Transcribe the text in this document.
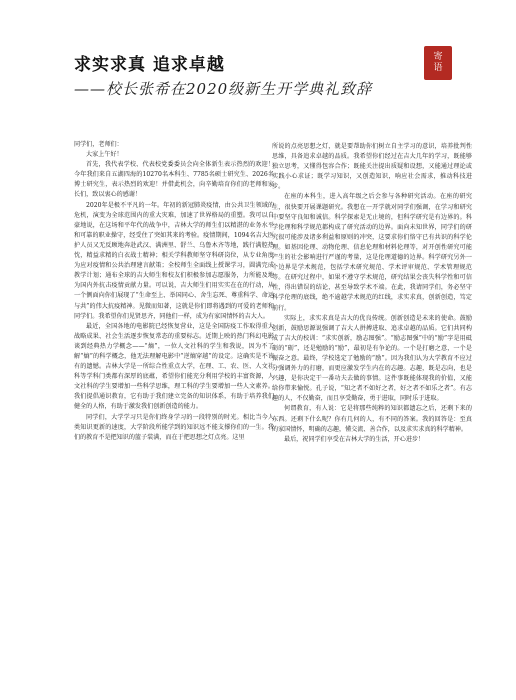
求实求真 追求卓越
——校长张希在2020级新生开学典礼致辞
寄
语

同学们，老师们：

大家上午好！

首先，我代表学校、代表校党委委员会向全体新生表示热烈的欢迎！今年我们来自五湖四海的10270名本科生、7785名硕士研究生、2026名博士研究生，表示热烈的欢迎！并借此机会，向辛勤培育你们的老师和家长们，致以衷心的感谢！

2020年是极不平凡的一年。年初的新冠肺炎疫情，由公共卫生领域的危机，演变为全球范围内的重大灾难，加速了世界格局的重塑。我可以自豪地说，在这场和平年代的战争中，吉林大学的师生们以精湛的业务水平和可靠的职业操守，经受住了突如其来的考验。疫情期间，1094名吉大医护人员又无反顾地奔赴武汉、满洲里、舒兰、乌鲁木齐等地，践行满腔热忱，精益求精的白衣战士精神；相关学科教师坚守科研岗位，从专业角度为应对疫情和公共治理建言献策；全校师生全面线上授课学习，圆满完成教学计划；通布全球的吉大师生和校友们积极参加志愿服务，力所能及地为国内外抗击疫情贡献力量。可以说，吉大师生们用实实在在的行动，从一个侧面向你们展现了“生命至上、举国同心、舍生忘死、尊重科学、命运与共”的伟大抗疫精神。见微而知著，这就是你们即将遇到的可爱的老师和同学们。我希望你们见贤思齐，同他们一样，成为有家国情怀的吉大人。

最近，全国各地的电影院已经恢复营业，这是全国防疫工作取得重大战略成果、社会生活逐步恢复常态的重要标志。近期上映的热门科幻电影谈到经典热力学概念——“熵”，一位人文社科的学生和我说，因为不了解“熵”的科学概念，他无法理解电影中“逆熵穿越”的设定。这确实是不该有的遗憾。吉林大学是一所综合性重点大学，在理、工、农、医、人文社科等学科门类都有深厚的底蕴，希望你们能充分利用学校的丰富资源，人文社科的学生要增加一些科学思维，理工科的学生要增加一些人文素养。我们提倡通识教育，它有助于我们建立完备的知识体系，有助于培养我们健全的人格，有助于激发我们创新创造的能力。

同学们，大学学习只是你们终身学习的一段特别的时光。相比当今人类知识更新的速度，大学阶段所能学到的知识远不能支撑你们的一生。我们的教育不是把知识的篮子装满，而在于把思想之灯点亮。这里

所说的点亮思想之灯，就是要帮助你们树立自主学习的意识，培养批判性思维，具备追求卓越的品质。我希望你们经过在吉大几年的学习，既能够独立思考，又懂得包容合作；既能关注提出质疑和设想，又能通过理论或实践小心求证；既学习知识，又创造知识，响应社会需求，推动科技进步。

在座的本科生，进入高年级之后会参与各种研究活动。在座的研究生，很快要开展课题研究。我想在一开学就对同学们强调，在学习和研究中要坚守良知和诚信。科学探索是无止境的，但科学研究是有边界的。科学伦理和科学规范都构成了研究活动的边界。面向未知世界，同学们的研究很可能涉及诸多利益和原则的冲突，这要求你们恪守已有共识的科学伦理。如基因伦理、动物伦理、信息伦理和材料伦理等，对开创性研究可能产生的社会影响进行严谨的考量，这是伦理道德的边界。科学研究另外一个边界是学术规范，包括学术研究规范、学术评审规范、学术管理规范等。在研究过程中，如果不遵守学术规范，研究结果会丧失科学性和可信性，得出错误的结论，甚至导致学术不端。在此，我请同学们，务必坚守科学伦理的底线，绝不逾越学术规范的红线，求实求真，创新创造，笃定前行。

实际上，求实求真是吉大的优良传统。创新创造是未来的使命。鼓励创新，鼓励思源说强调了吉大人拼搏进取、追求卓越的品质。它们共同构成了吉大的校训：“求实创新，励志图强”。“励志图强”中的“励”字是用砥砺的“砺”，还是勉励的“励”，最初是有争论的。一个是打磨之意，一个是振奋之意。最终，学校选定了勉励的“励”。因为我们认为大学教育不应过分强调外力的打磨，而更应激发学生内在的志趣。志趣，既是志向，也是兴趣，是你决定干一番功夫去做的事情。这件事既能体现我的价值，又能给你带来愉悦。孔子说，“知之者不如好之者，好之者不如乐之者”。有志趣的人，不仅勤奋，而且享受勤奋，勇于进取，同时乐于进取。

何谓教育，有人说：它是将那些纯粹的知识都遗忘之后，还剩下来的东西。还剩下什么呢？你有几何的人，有不同的答案。我的回答是：至真的家国情怀，明确的志趣，懂交流、善合作，以及求实求真的科学精神。

最后，祝同学们享受在吉林大学的生活，开心进步！
